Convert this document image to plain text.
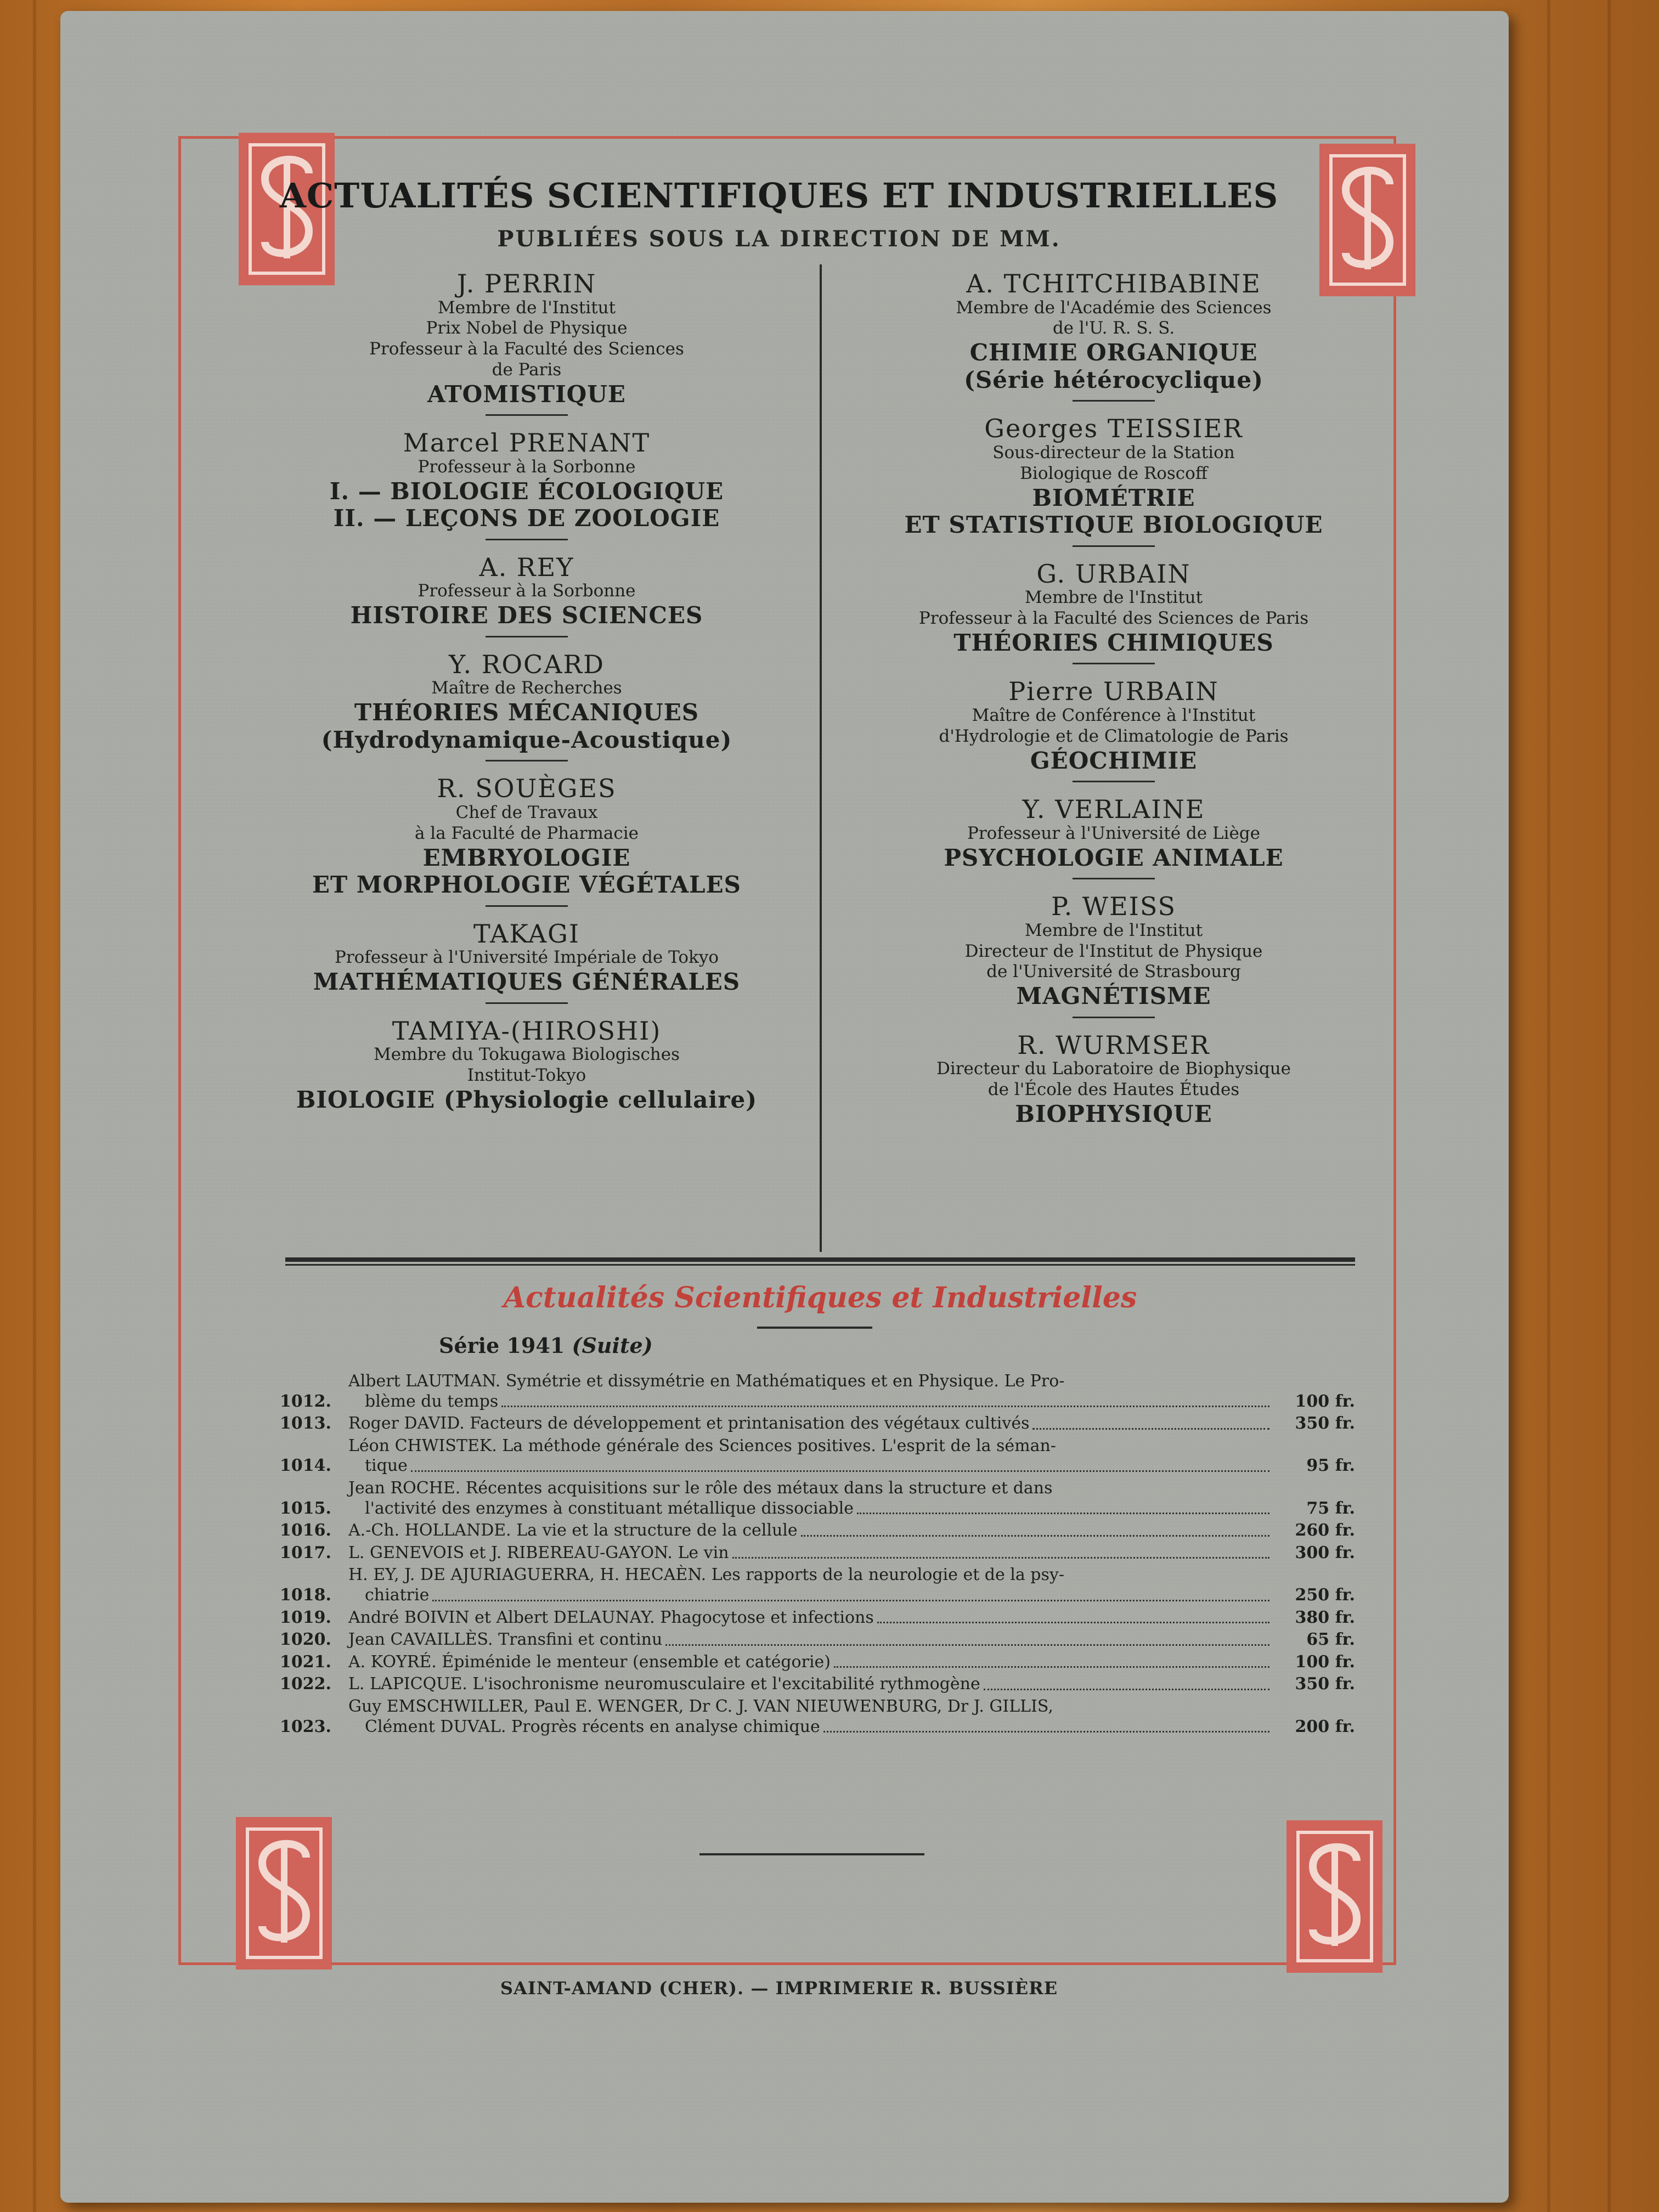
ACTUALITÉS SCIENTIFIQUES ET INDUSTRIELLES
PUBLIÉES SOUS LA DIRECTION DE MM.
J. PERRIN
Membre de l'Institut
Prix Nobel de Physique
Professeur à la Faculté des Sciences
de Paris
ATOMISTIQUE
Marcel PRENANT
Professeur à la Sorbonne
I. — BIOLOGIE ÉCOLOGIQUE
II. — LEÇONS DE ZOOLOGIE
A. REY
Professeur à la Sorbonne
HISTOIRE DES SCIENCES
Y. ROCARD
Maître de Recherches
THÉORIES MÉCANIQUES
(Hydrodynamique-Acoustique)
R. SOUÈGES
Chef de Travaux
à la Faculté de Pharmacie
EMBRYOLOGIE
ET MORPHOLOGIE VÉGÉTALES
TAKAGI
Professeur à l'Université Impériale de Tokyo
MATHÉMATIQUES GÉNÉRALES
TAMIYA-(HIROSHI)
Membre du Tokugawa Biologisches
Institut-Tokyo
BIOLOGIE (Physiologie cellulaire)
A. TCHITCHIBABINE
Membre de l'Académie des Sciences
de l'U. R. S. S.
CHIMIE ORGANIQUE
(Série hétérocyclique)
Georges TEISSIER
Sous-directeur de la Station
Biologique de Roscoff
BIOMÉTRIE
ET STATISTIQUE BIOLOGIQUE
G. URBAIN
Membre de l'Institut
Professeur à la Faculté des Sciences de Paris
THÉORIES CHIMIQUES
Pierre URBAIN
Maître de Conférence à l'Institut
d'Hydrologie et de Climatologie de Paris
GÉOCHIMIE
Y. VERLAINE
Professeur à l'Université de Liège
PSYCHOLOGIE ANIMALE
P. WEISS
Membre de l'Institut
Directeur de l'Institut de Physique
de l'Université de Strasbourg
MAGNÉTISME
R. WURMSER
Directeur du Laboratoire de Biophysique
de l'École des Hautes Études
BIOPHYSIQUE
Actualités Scientifiques et Industrielles
Série 1941 (Suite)
1012.
Albert LAUTMAN. Symétrie et dissymétrie en Mathématiques et en Physique. Le Pro-
blème du temps	100 fr.
1013.	Roger DAVID. Facteurs de développement et printanisation des végétaux cultivés	350 fr.
1014.
Léon CHWISTEK. La méthode générale des Sciences positives. L'esprit de la séman-
tique	95 fr.
1015.
Jean ROCHE. Récentes acquisitions sur le rôle des métaux dans la structure et dans
l'activité des enzymes à constituant métallique dissociable	75 fr.
1016.	A.-Ch. HOLLANDE. La vie et la structure de la cellule	260 fr.
1017.	L. GENEVOIS et J. RIBEREAU-GAYON. Le vin	300 fr.
1018.
H. EY, J. DE AJURIAGUERRA, H. HECAÈN. Les rapports de la neurologie et de la psy-
chiatrie	250 fr.
1019.	André BOIVIN et Albert DELAUNAY. Phagocytose et infections	380 fr.
1020.	Jean CAVAILLÈS. Transfini et continu	65 fr.
1021.	A. KOYRÉ. Épiménide le menteur (ensemble et catégorie)	100 fr.
1022.	L. LAPICQUE. L'isochronisme neuromusculaire et l'excitabilité rythmogène	350 fr.
1023.
Guy EMSCHWILLER, Paul E. WENGER, Dr C. J. VAN NIEUWENBURG, Dr J. GILLIS,
Clément DUVAL. Progrès récents en analyse chimique	200 fr.
SAINT-AMAND (CHER). — IMPRIMERIE R. BUSSIÈRE
